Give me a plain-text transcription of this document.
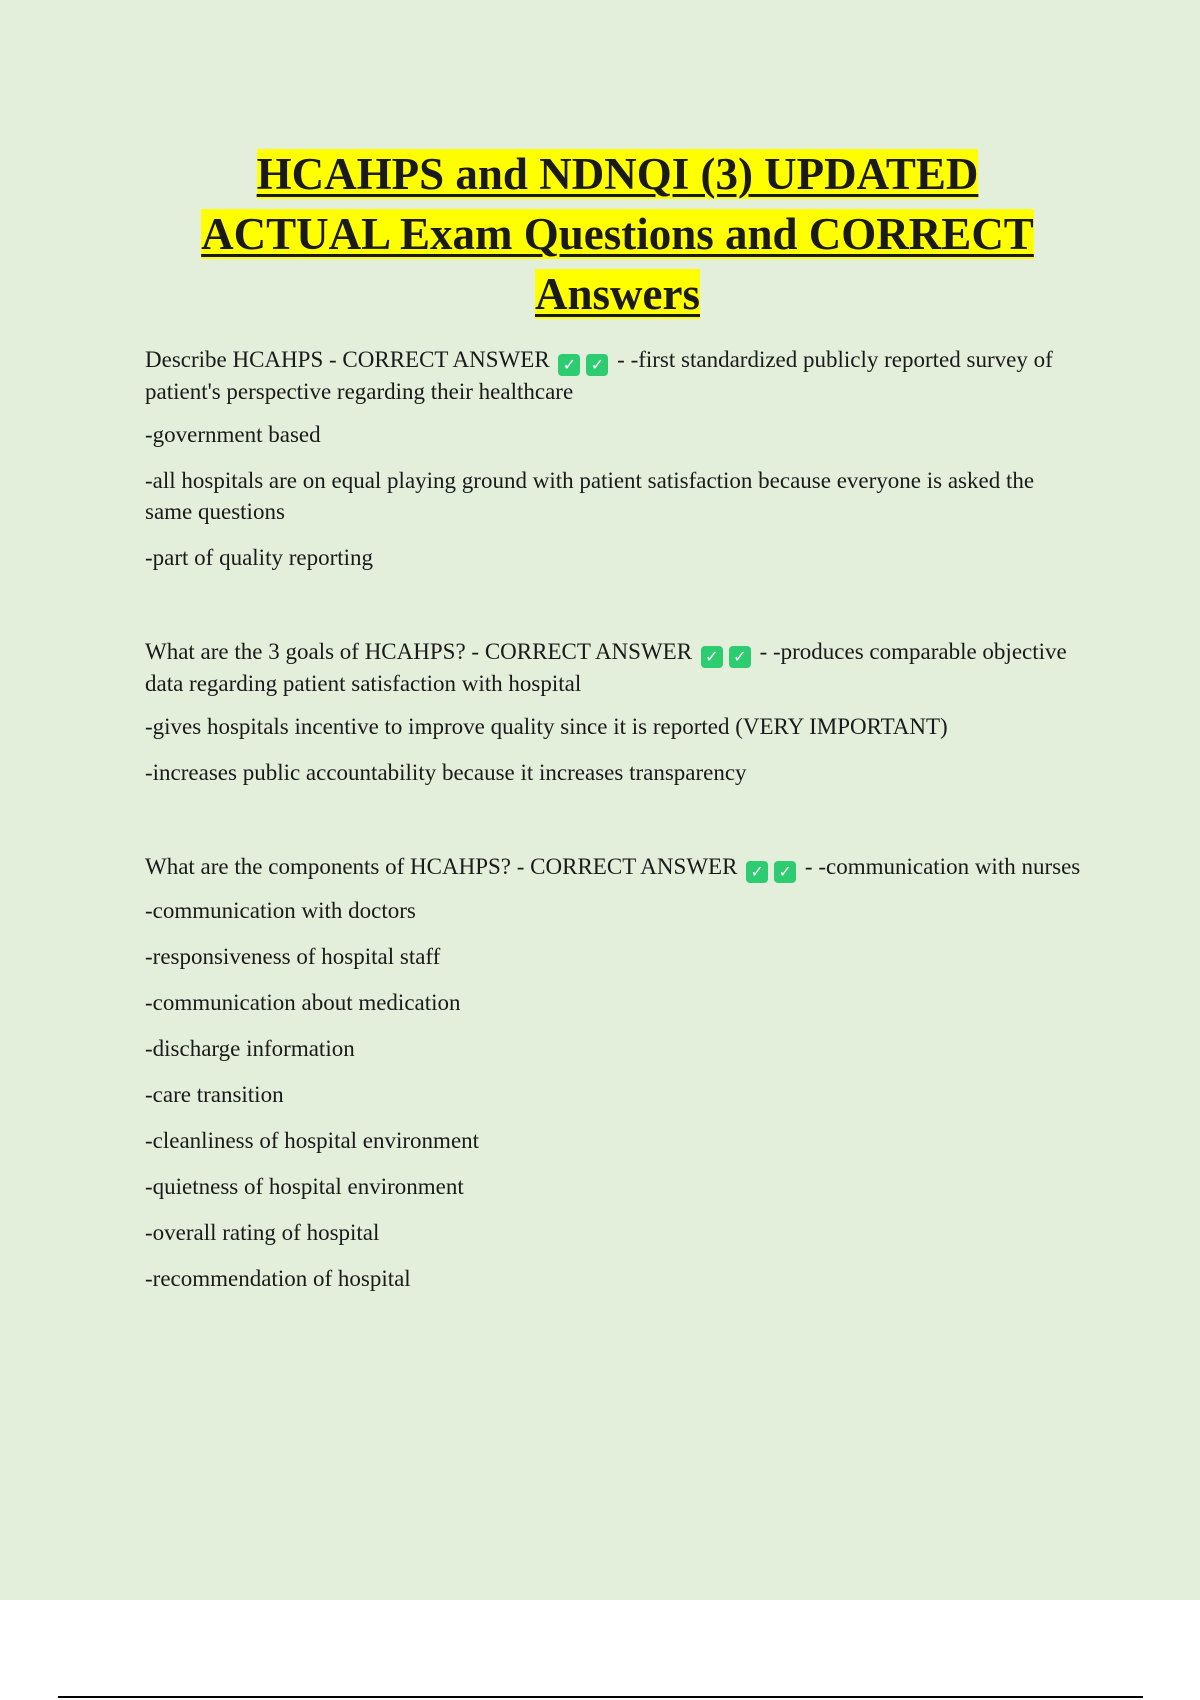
HCAHPS and NDNQI (3) UPDATED
ACTUAL Exam Questions and CORRECT
Answers

Describe HCAHPS - CORRECT ANSWER ✓ ✓ - -first standardized publicly reported survey of patient's perspective regarding their healthcare

-government based

-all hospitals are on equal playing ground with patient satisfaction because everyone is asked the same questions

-part of quality reporting

What are the 3 goals of HCAHPS? - CORRECT ANSWER ✓ ✓ - -produces comparable objective data regarding patient satisfaction with hospital

-gives hospitals incentive to improve quality since it is reported (VERY IMPORTANT)

-increases public accountability because it increases transparency

What are the components of HCAHPS? - CORRECT ANSWER ✓ ✓ - -communication with nurses

-communication with doctors

-responsiveness of hospital staff

-communication about medication

-discharge information

-care transition

-cleanliness of hospital environment

-quietness of hospital environment

-overall rating of hospital

-recommendation of hospital
